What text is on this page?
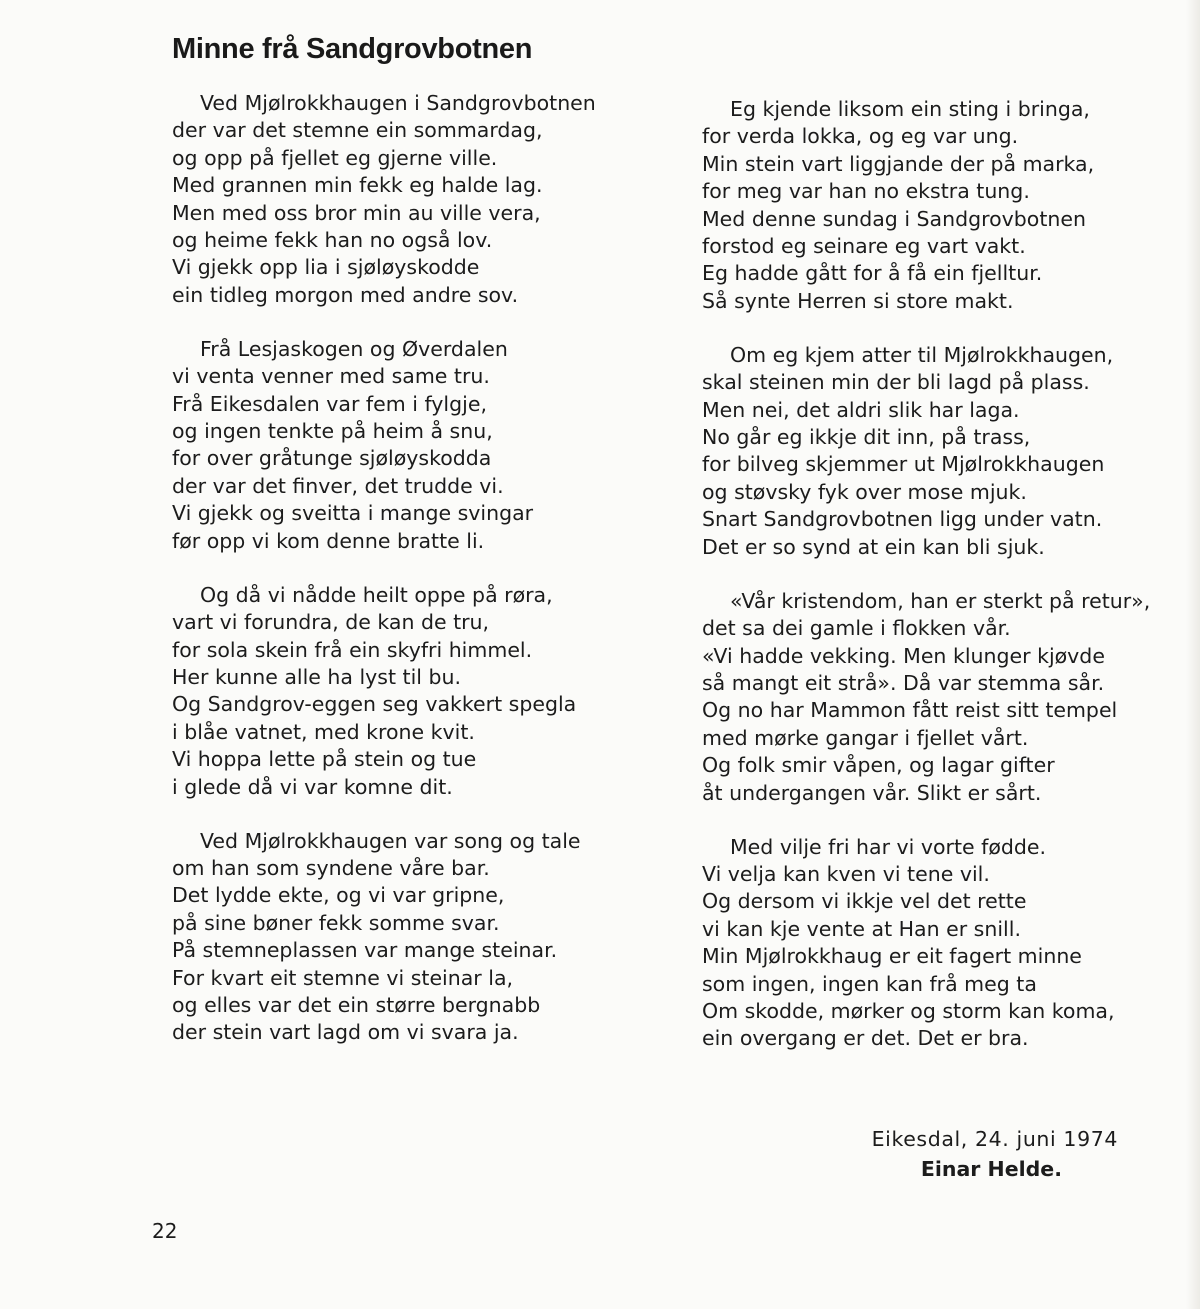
Minne frå Sandgrovbotnen
Ved Mjølrokkhaugen i Sandgrovbotnen
der var det stemne ein sommardag,
og opp på fjellet eg gjerne ville.
Med grannen min fekk eg halde lag.
Men med oss bror min au ville vera,
og heime fekk han no også lov.
Vi gjekk opp lia i sjøløyskodde
ein tidleg morgon med andre sov.
Frå Lesjaskogen og Øverdalen
vi venta venner med same tru.
Frå Eikesdalen var fem i fylgje,
og ingen tenkte på heim å snu,
for over gråtunge sjøløyskodda
der var det finver, det trudde vi.
Vi gjekk og sveitta i mange svingar
før opp vi kom denne bratte li.
Og då vi nådde heilt oppe på røra,
vart vi forundra, de kan de tru,
for sola skein frå ein skyfri himmel.
Her kunne alle ha lyst til bu.
Og Sandgrov-eggen seg vakkert spegla
i blåe vatnet, med krone kvit.
Vi hoppa lette på stein og tue
i glede då vi var komne dit.
Ved Mjølrokkhaugen var song og tale
om han som syndene våre bar.
Det lydde ekte, og vi var gripne,
på sine bøner fekk somme svar.
På stemneplassen var mange steinar.
For kvart eit stemne vi steinar la,
og elles var det ein større bergnabb
der stein vart lagd om vi svara ja.
Eg kjende liksom ein sting i bringa,
for verda lokka, og eg var ung.
Min stein vart liggjande der på marka,
for meg var han no ekstra tung.
Med denne sundag i Sandgrovbotnen
forstod eg seinare eg vart vakt.
Eg hadde gått for å få ein fjelltur.
Så synte Herren si store makt.
Om eg kjem atter til Mjølrokkhaugen,
skal steinen min der bli lagd på plass.
Men nei, det aldri slik har laga.
No går eg ikkje dit inn, på trass,
for bilveg skjemmer ut Mjølrokkhaugen
og støvsky fyk over mose mjuk.
Snart Sandgrovbotnen ligg under vatn.
Det er so synd at ein kan bli sjuk.
«Vår kristendom, han er sterkt på retur»,
det sa dei gamle i flokken vår.
«Vi hadde vekking. Men klunger kjøvde
så mangt eit strå». Då var stemma sår.
Og no har Mammon fått reist sitt tempel
med mørke gangar i fjellet vårt.
Og folk smir våpen, og lagar gifter
åt undergangen vår. Slikt er sårt.
Med vilje fri har vi vorte fødde.
Vi velja kan kven vi tene vil.
Og dersom vi ikkje vel det rette
vi kan kje vente at Han er snill.
Min Mjølrokkhaug er eit fagert minne
som ingen, ingen kan frå meg ta
Om skodde, mørker og storm kan koma,
ein overgang er det. Det er bra.
Eikesdal, 24. juni 1974
Einar Helde.
22
